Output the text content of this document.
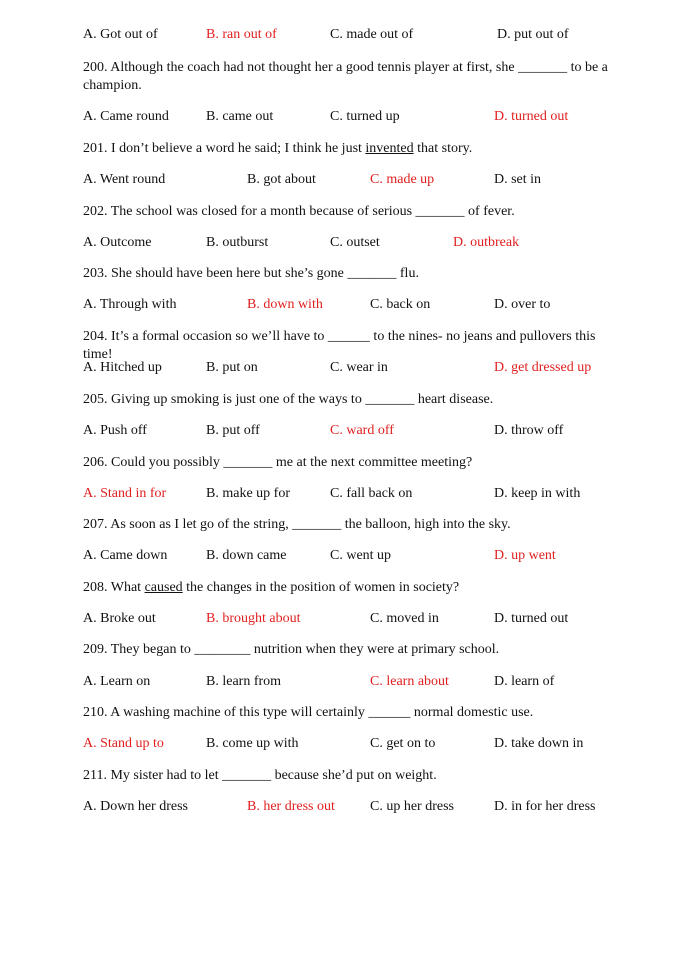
A. Got out of	B. ran out of	C. made out of	D. put out of
200. Although the coach had not thought her a good tennis player at first, she _______ to be a champion.
A. Came round	B. came out	C. turned up	D. turned out
201. I don’t believe a word he said; I think he just invented that story.
A. Went round	B. got about	C. made up	D. set in
202. The school was closed for a month because of serious _______ of fever.
A. Outcome	B. outburst	C. outset	D. outbreak
203. She should have been here but she’s gone _______ flu.
A. Through with	B. down with	C. back on	D. over to
204. It’s a formal occasion so we’ll have to ______ to the nines- no jeans and pullovers this time!
A. Hitched up	B. put on	C. wear in	D. get dressed up
205. Giving up smoking is just one of the ways to _______ heart disease.
A. Push off	B. put off	C. ward off	D. throw off
206. Could you possibly _______ me at the next committee meeting?
A. Stand in for	B. make up for	C. fall back on	D. keep in with
207. As soon as I let go of the string, _______ the balloon, high into the sky.
A. Came down	B. down came	C. went up	D. up went
208. What caused the changes in the position of women in society?
A. Broke out	B. brought about	C. moved in	D. turned out
209. They began to ________ nutrition when they were at primary school.
A. Learn on	B. learn from	C. learn about	D. learn of
210. A washing machine of this type will certainly ______ normal domestic use.
A. Stand up to	B. come up with	C. get on to	D. take down in
211. My sister had to let _______ because she’d put on weight.
A. Down her dress	B. her dress out	C. up her dress	D. in for her dress
